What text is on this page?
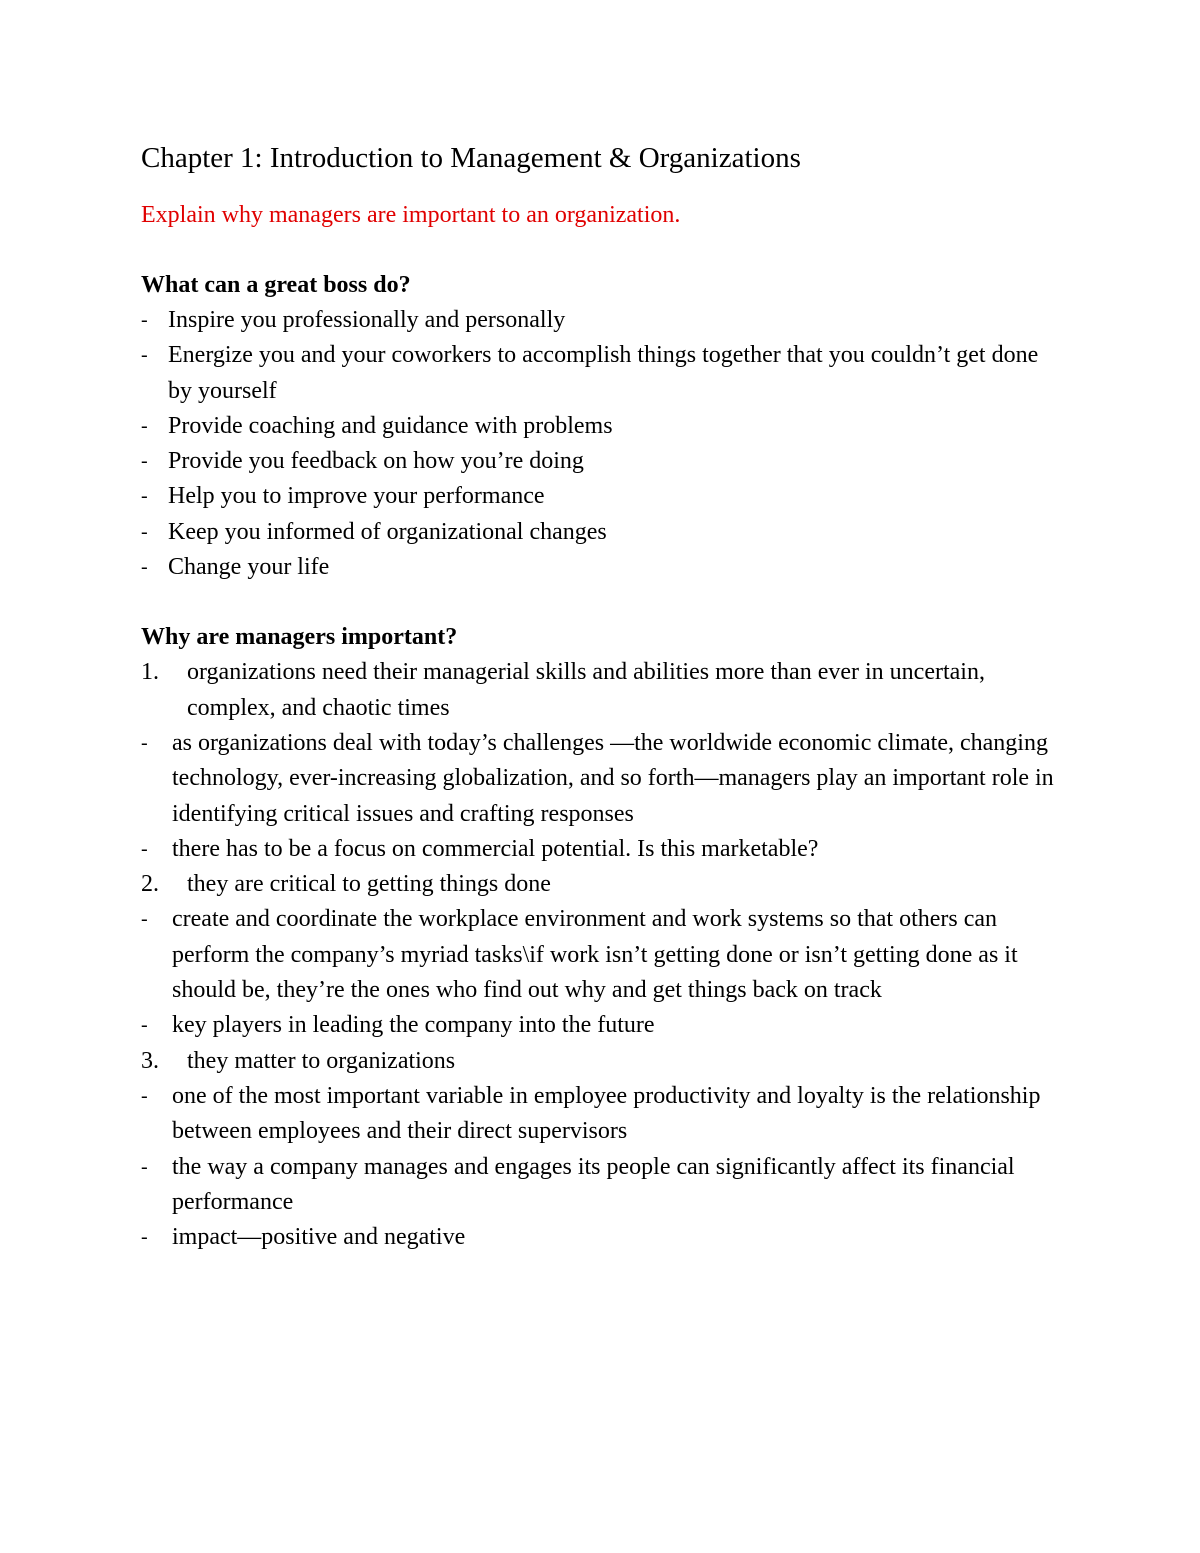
Chapter 1: Introduction to Management & Organizations
Explain why managers are important to an organization.
What can a great boss do?
- Inspire you professionally and personally
- Energize you and your coworkers to accomplish things together that you couldn’t get done by yourself
- Provide coaching and guidance with problems
- Provide you feedback on how you’re doing
- Help you to improve your performance
- Keep you informed of organizational changes
- Change your life
Why are managers important?
1. organizations need their managerial skills and abilities more than ever in uncertain, complex, and chaotic times
-	as organizations deal with today’s challenges —the worldwide economic climate, changing technology, ever-increasing globalization, and so forth—managers play an important role in identifying critical issues and crafting responses
-	there has to be a focus on commercial potential. Is this marketable?
2. they are critical to getting things done
-	create and coordinate the workplace environment and work systems so that others can perform the company’s myriad tasks\if work isn’t getting done or isn’t getting done as it should be, they’re the ones who find out why and get things back on track
-	key players in leading the company into the future
3. they matter to organizations
-	one of the most important variable in employee productivity and loyalty is the relationship between employees and their direct supervisors
-	the way a company manages and engages its people can significantly affect its financial performance
-	impact—positive and negative
